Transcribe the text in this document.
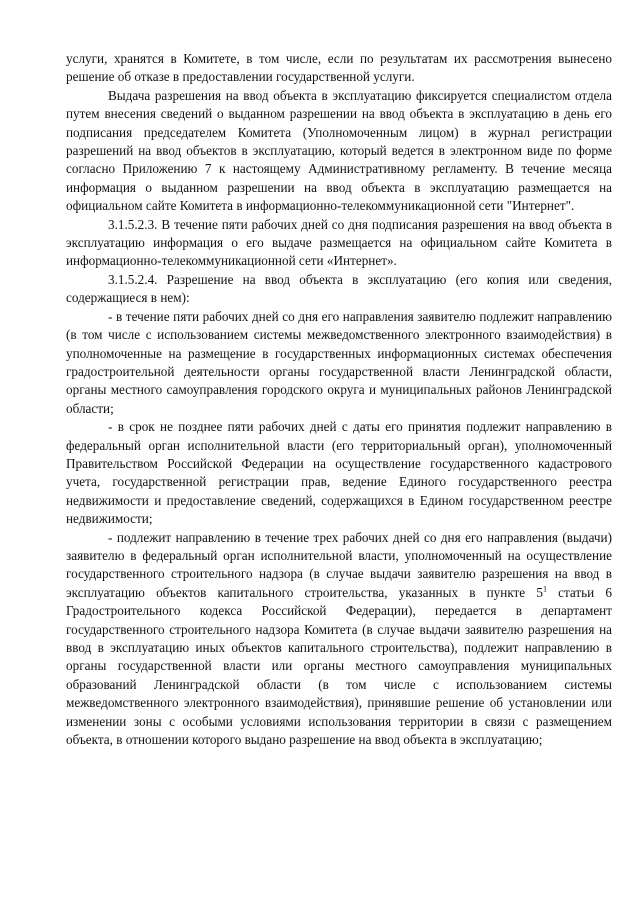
услуги, хранятся в Комитете, в том числе, если по результатам их рассмотрения вынесено решение об отказе в предоставлении государственной услуги.

Выдача разрешения на ввод объекта в эксплуатацию фиксируется специалистом отдела путем внесения сведений о выданном разрешении на ввод объекта в эксплуатацию в день его подписания председателем Комитета (Уполномоченным лицом) в журнал регистрации разрешений на ввод объектов в эксплуатацию, который ведется в электронном виде по форме согласно Приложению 7 к настоящему Административному регламенту. В течение месяца информация о выданном разрешении на ввод объекта в эксплуатацию размещается на официальном сайте Комитета в информационно-телекоммуникационной сети "Интернет".

3.1.5.2.3. В течение пяти рабочих дней со дня подписания разрешения на ввод объекта в эксплуатацию информация о его выдаче размещается на официальном сайте Комитета в информационно-телекоммуникационной сети «Интернет».

3.1.5.2.4. Разрешение на ввод объекта в эксплуатацию (его копия или сведения, содержащиеся в нем):

- в течение пяти рабочих дней со дня его направления заявителю подлежит направлению (в том числе с использованием системы межведомственного электронного взаимодействия) в уполномоченные на размещение в государственных информационных системах обеспечения градостроительной деятельности органы государственной власти Ленинградской области, органы местного самоуправления городского округа и муниципальных районов Ленинградской области;

- в срок не позднее пяти рабочих дней с даты его принятия подлежит направлению в федеральный орган исполнительной власти (его территориальный орган), уполномоченный Правительством Российской Федерации на осуществление государственного кадастрового учета, государственной регистрации прав, ведение Единого государственного реестра недвижимости и предоставление сведений, содержащихся в Едином государственном реестре недвижимости;

- подлежит направлению в течение трех рабочих дней со дня его направления (выдачи) заявителю в федеральный орган исполнительной власти, уполномоченный на осуществление государственного строительного надзора (в случае выдачи заявителю разрешения на ввод в эксплуатацию объектов капитального строительства, указанных в пункте $5^1$ статьи 6 Градостроительного кодекса Российской Федерации), передается в департамент государственного строительного надзора Комитета (в случае выдачи заявителю разрешения на ввод в эксплуатацию иных объектов капитального строительства), подлежит направлению в органы государственной власти или органы местного самоуправления муниципальных образований Ленинградской области (в том числе с использованием системы межведомственного электронного взаимодействия), принявшие решение об установлении или изменении зоны с особыми условиями использования территории в связи с размещением объекта, в отношении которого выдано разрешение на ввод объекта в эксплуатацию;
